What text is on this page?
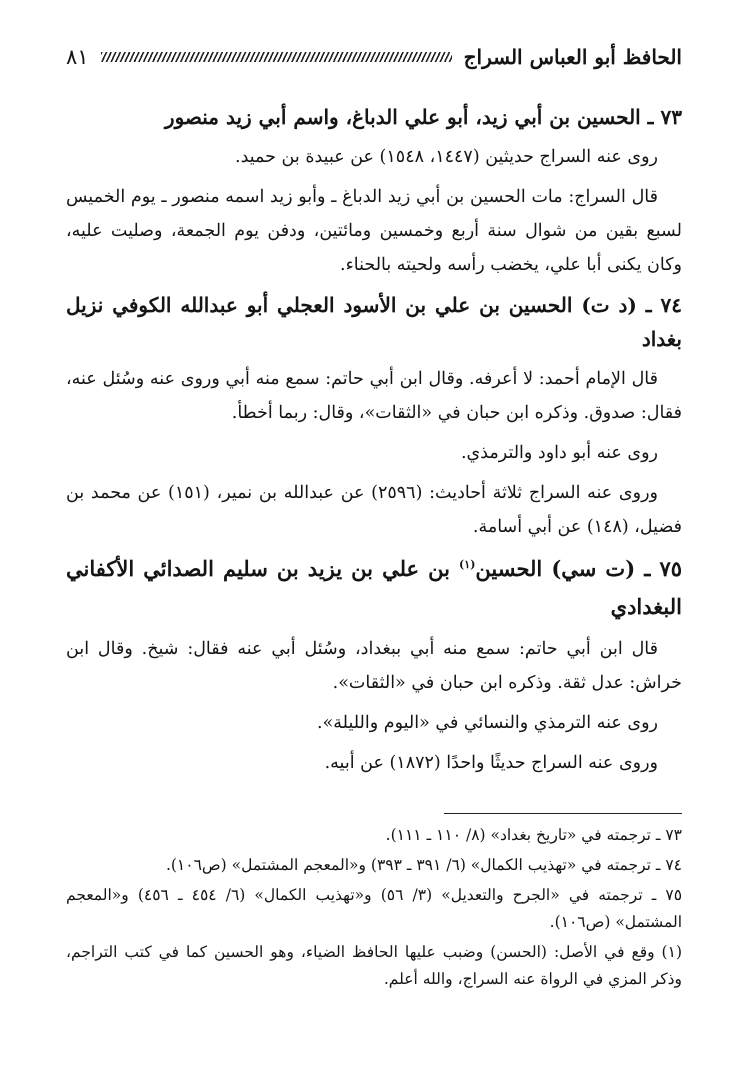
الحافظ أبو العباس السراج
٨١
٧٣ ـ الحسين بن أبي زيد، أبو علي الدباغ، واسم أبي زيد منصور

روى عنه السراج حديثين (١٤٤٧، ١٥٤٨) عن عبيدة بن حميد.

قال السراج: مات الحسين بن أبي زيد الدباغ ـ وأبو زيد اسمه منصور ـ يوم الخميس لسبع بقين من شوال سنة أربع وخمسين ومائتين، ودفن يوم الجمعة، وصليت عليه، وكان يكنى أبا علي، يخضب رأسه ولحيته بالحناء.

٧٤ ـ (د ت) الحسين بن علي بن الأسود العجلي أبو عبدالله الكوفي نزيل بغداد

قال الإمام أحمد: لا أعرفه. وقال ابن أبي حاتم: سمع منه أبي وروى عنه وسُئل عنه، فقال: صدوق. وذكره ابن حبان في «الثقات»، وقال: ربما أخطأ.

روى عنه أبو داود والترمذي.

وروى عنه السراج ثلاثة أحاديث: (٢٥٩٦) عن عبدالله بن نمير، (١٥١) عن محمد بن فضيل، (١٤٨) عن أبي أسامة.

٧٥ ـ (ت سي) الحسين$^{(١)}$ بن علي بن يزيد بن سليم الصدائي الأكفاني البغدادي

قال ابن أبي حاتم: سمع منه أبي ببغداد، وسُئل أبي عنه فقال: شيخ. وقال ابن خراش: عدل ثقة. وذكره ابن حبان في «الثقات».

روى عنه الترمذي والنسائي في «اليوم والليلة».

وروى عنه السراج حديثًا واحدًا (١٨٧٢) عن أبيه.

٧٣ ـ ترجمته في «تاريخ بغداد» (٨/ ١١٠ ـ ١١١).

٧٤ ـ ترجمته في «تهذيب الكمال» (٦/ ٣٩١ ـ ٣٩٣) و«المعجم المشتمل» (ص١٠٦).

٧٥ ـ ترجمته في «الجرح والتعديل» (٣/ ٥٦) و«تهذيب الكمال» (٦/ ٤٥٤ ـ ٤٥٦) و«المعجم المشتمل» (ص١٠٦).

(١) وقع في الأصل: (الحسن) وضبب عليها الحافظ الضياء، وهو الحسين كما في كتب التراجم، وذكر المزي في الرواة عنه السراج، والله أعلم.
